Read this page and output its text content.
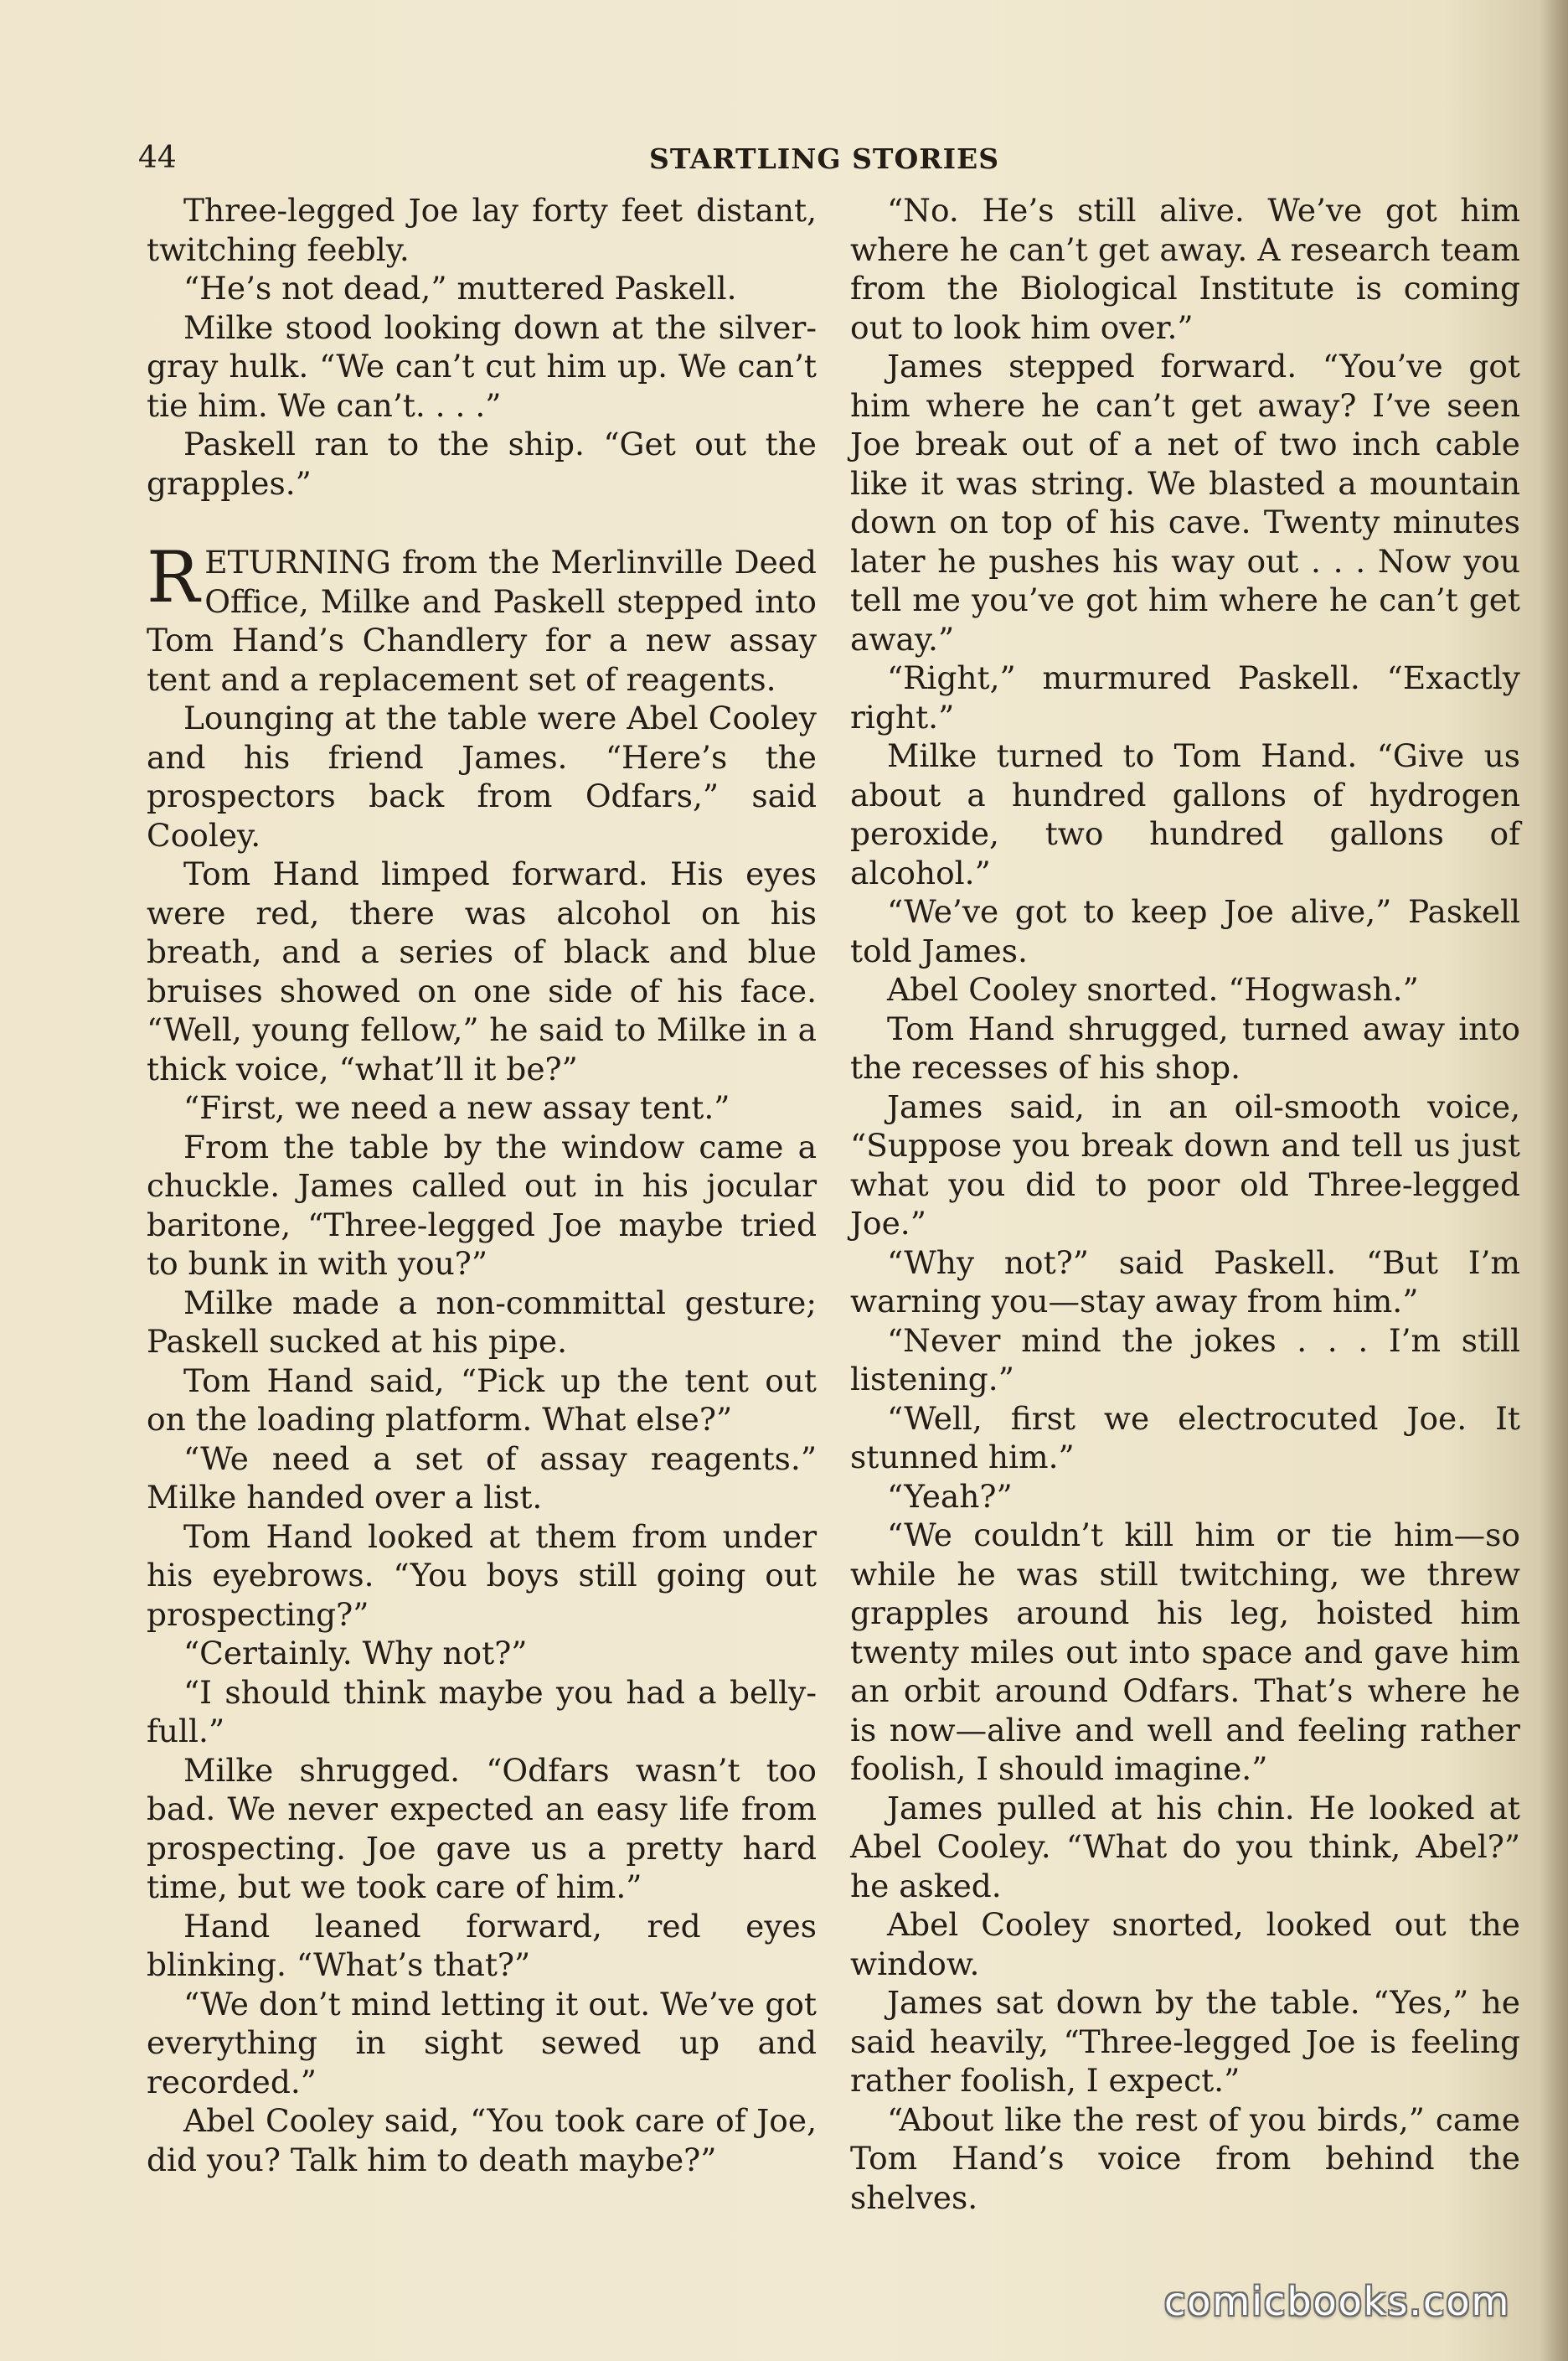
44	STARTLING STORIES

Three-legged Joe lay forty feet distant, twitching feebly.

“He’s not dead,” muttered Paskell.

Milke stood looking down at the silver-gray hulk. “We can’t cut him up. We can’t tie him. We can’t. . . .”

Paskell ran to the ship. “Get out the grapples.”

RETURNING from the Merlinville Deed Office, Milke and Paskell stepped into Tom Hand’s Chandlery for a new assay tent and a replacement set of reagents.

Lounging at the table were Abel Cooley and his friend James. “Here’s the prospectors back from Odfars,” said Cooley.

Tom Hand limped forward. His eyes were red, there was alcohol on his breath, and a series of black and blue bruises showed on one side of his face. “Well, young fellow,” he said to Milke in a thick voice, “what’ll it be?”

“First, we need a new assay tent.”

From the table by the window came a chuckle. James called out in his jocular baritone, “Three-legged Joe maybe tried to bunk in with you?”

Milke made a non-committal gesture; Paskell sucked at his pipe.

Tom Hand said, “Pick up the tent out on the loading platform. What else?”

“We need a set of assay reagents.” Milke handed over a list.

Tom Hand looked at them from under his eyebrows. “You boys still going out prospecting?”

“Certainly. Why not?”

“I should think maybe you had a belly-full.”

Milke shrugged. “Odfars wasn’t too bad. We never expected an easy life from prospecting. Joe gave us a pretty hard time, but we took care of him.”

Hand leaned forward, red eyes blinking. “What’s that?”

“We don’t mind letting it out. We’ve got everything in sight sewed up and recorded.”

Abel Cooley said, “You took care of Joe, did you? Talk him to death maybe?”

“No. He’s still alive. We’ve got him where he can’t get away. A research team from the Biological Institute is coming out to look him over.”

James stepped forward. “You’ve got him where he can’t get away? I’ve seen Joe break out of a net of two inch cable like it was string. We blasted a mountain down on top of his cave. Twenty minutes later he pushes his way out . . . Now you tell me you’ve got him where he can’t get away.”

“Right,” murmured Paskell. “Exactly right.”

Milke turned to Tom Hand. “Give us about a hundred gallons of hydrogen peroxide, two hundred gallons of alcohol.”

“We’ve got to keep Joe alive,” Paskell told James.

Abel Cooley snorted. “Hogwash.”

Tom Hand shrugged, turned away into the recesses of his shop.

James said, in an oil-smooth voice, “Suppose you break down and tell us just what you did to poor old Three-legged Joe.”

“Why not?” said Paskell. “But I’m warning you—stay away from him.”

“Never mind the jokes . . . I’m still listening.”

“Well, first we electrocuted Joe. It stunned him.”

“Yeah?”

“We couldn’t kill him or tie him—so while he was still twitching, we threw grapples around his leg, hoisted him twenty miles out into space and gave him an orbit around Odfars. That’s where he is now—alive and well and feeling rather foolish, I should imagine.”

James pulled at his chin. He looked at Abel Cooley. “What do you think, Abel?” he asked.

Abel Cooley snorted, looked out the window.

James sat down by the table. “Yes,” he said heavily, “Three-legged Joe is feeling rather foolish, I expect.”

“About like the rest of you birds,” came Tom Hand’s voice from behind the shelves.

comicbooks.com
